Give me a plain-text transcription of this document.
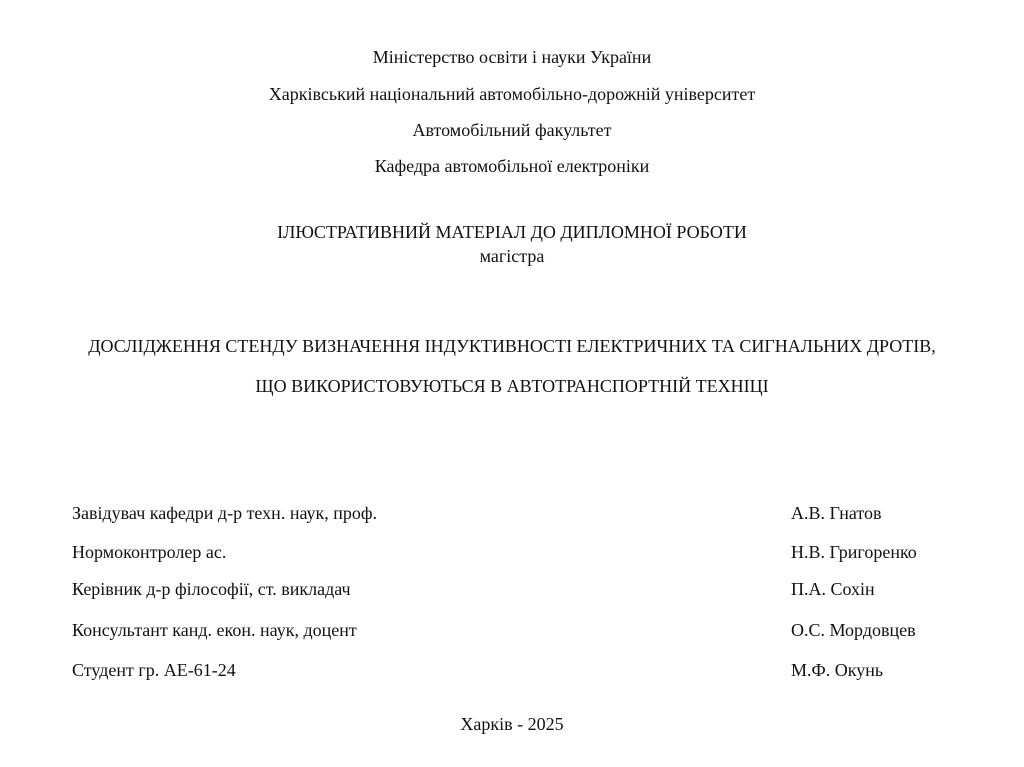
Міністерство освіти і науки України
Харківський національний автомобільно-дорожній університет
Автомобільний факультет
Кафедра автомобільної електроніки
ІЛЮСТРАТИВНИЙ МАТЕРІАЛ ДО ДИПЛОМНОЇ РОБОТИ
магістра
ДОСЛІДЖЕННЯ СТЕНДУ ВИЗНАЧЕННЯ ІНДУКТИВНОСТІ ЕЛЕКТРИЧНИХ ТА СИГНАЛЬНИХ ДРОТІВ,
ЩО ВИКОРИСТОВУЮТЬСЯ В АВТОТРАНСПОРТНІЙ ТЕХНІЦІ
Завідувач кафедри д-р техн. наук, проф.	А.В. Гнатов
Нормоконтролер ас.	Н.В. Григоренко
Керівник д-р філософії, ст. викладач	П.А. Сохін
Консультант канд. екон. наук, доцент	О.С. Мордовцев
Студент гр. АЕ-61-24	М.Ф. Окунь
Харків - 2025
